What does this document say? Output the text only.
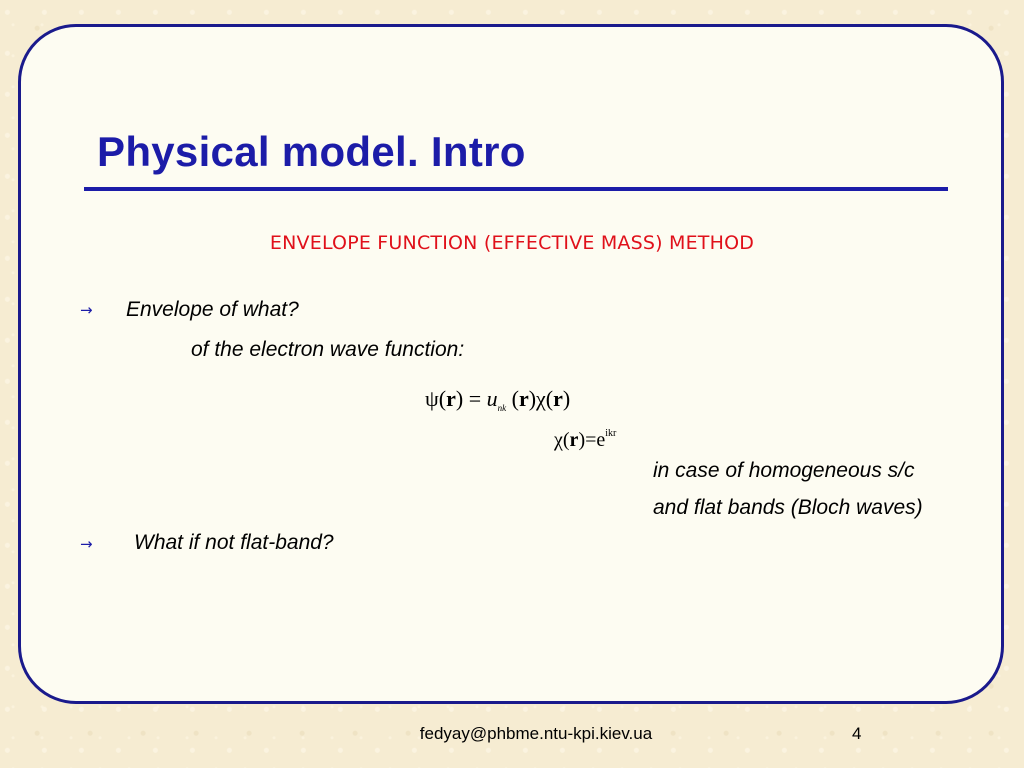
Physical model. Intro
ENVELOPE FUNCTION (EFFECTIVE MASS) METHOD
→ Envelope of what?
of the electron wave function:
$\psi(r) = u_{nk}$ (r)χ(r)
$\chi(r)=e^{ikr}$
in case of homogeneous s/c
and flat bands (Bloch waves)
→ What if not flat-band?
fedyay@phbme.ntu-kpi.kiev.ua	4
